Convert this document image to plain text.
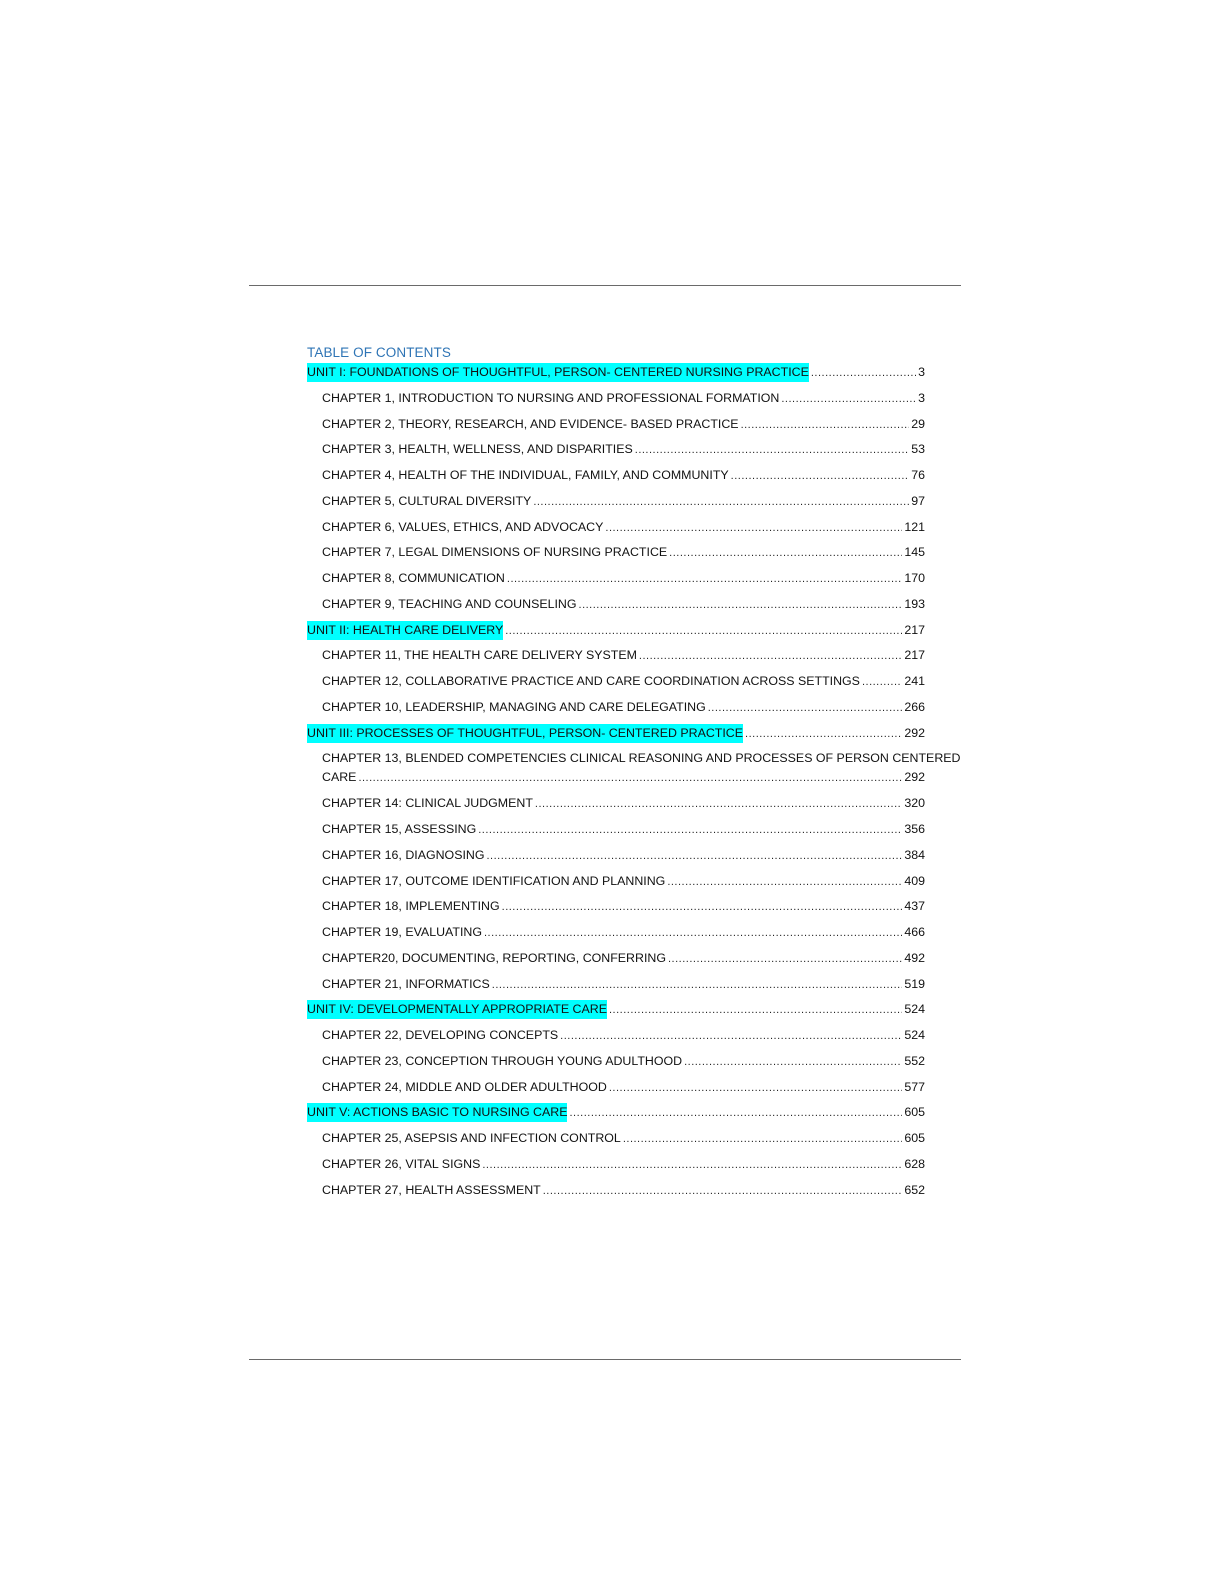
TABLE OF CONTENTS
UNIT I: FOUNDATIONS OF THOUGHTFUL, PERSON- CENTERED NURSING PRACTICE .....	3
CHAPTER 1, INTRODUCTION TO NURSING AND PROFESSIONAL FORMATION .....	3
CHAPTER 2, THEORY, RESEARCH, AND EVIDENCE- BASED PRACTICE .....	29
CHAPTER 3, HEALTH, WELLNESS, AND DISPARITIES .....	53
CHAPTER 4, HEALTH OF THE INDIVIDUAL, FAMILY, AND COMMUNITY .....	76
CHAPTER 5, CULTURAL DIVERSITY .....	97
CHAPTER 6, VALUES, ETHICS, AND ADVOCACY .....	121
CHAPTER 7, LEGAL DIMENSIONS OF NURSING PRACTICE .....	145
CHAPTER 8, COMMUNICATION .....	170
CHAPTER 9, TEACHING AND COUNSELING .....	193
UNIT II: HEALTH CARE DELIVERY .....	217
CHAPTER 11, THE HEALTH CARE DELIVERY SYSTEM .....	217
CHAPTER 12, COLLABORATIVE PRACTICE AND CARE COORDINATION ACROSS SETTINGS .....	241
CHAPTER 10, LEADERSHIP, MANAGING AND CARE DELEGATING .....	266
UNIT III: PROCESSES OF THOUGHTFUL, PERSON- CENTERED PRACTICE .....	292
CHAPTER 13, BLENDED COMPETENCIES CLINICAL REASONING AND PROCESSES OF PERSON CENTERED
CARE .....	292
CHAPTER 14: CLINICAL JUDGMENT .....	320
CHAPTER 15, ASSESSING .....	356
CHAPTER 16, DIAGNOSING .....	384
CHAPTER 17, OUTCOME IDENTIFICATION AND PLANNING .....	409
CHAPTER 18, IMPLEMENTING .....	437
CHAPTER 19, EVALUATING .....	466
CHAPTER20, DOCUMENTING, REPORTING, CONFERRING .....	492
CHAPTER 21, INFORMATICS .....	519
UNIT IV: DEVELOPMENTALLY APPROPRIATE CARE .....	524
CHAPTER 22, DEVELOPING CONCEPTS .....	524
CHAPTER 23, CONCEPTION THROUGH YOUNG ADULTHOOD .....	552
CHAPTER 24, MIDDLE AND OLDER ADULTHOOD .....	577
UNIT V: ACTIONS BASIC TO NURSING CARE .....	605
CHAPTER 25, ASEPSIS AND INFECTION CONTROL .....	605
CHAPTER 26, VITAL SIGNS .....	628
CHAPTER 27, HEALTH ASSESSMENT .....	652
